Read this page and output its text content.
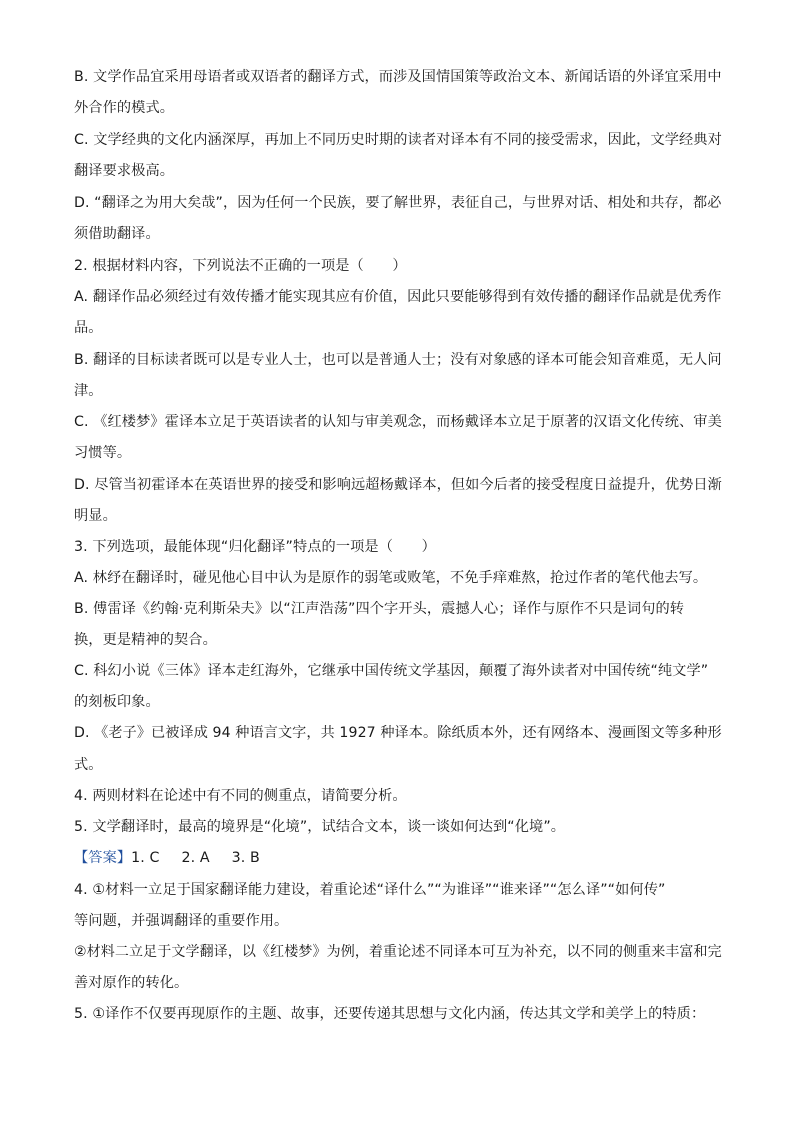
B. 文学作品宜采用母语者或双语者的翻译方式，而涉及国情国策等政治文本、新闻话语的外译宜采用中
外合作的模式。
C. 文学经典的文化内涵深厚，再加上不同历史时期的读者对译本有不同的接受需求，因此，文学经典对
翻译要求极高。
D. “翻译之为用大矣哉”，因为任何一个民族，要了解世界，表征自己，与世界对话、相处和共存，都必
须借助翻译。
2. 根据材料内容，下列说法不正确的一项是（　　）
A. 翻译作品必须经过有效传播才能实现其应有价值，因此只要能够得到有效传播的翻译作品就是优秀作
品。
B. 翻译的目标读者既可以是专业人士，也可以是普通人士；没有对象感的译本可能会知音难觅，无人问
津。
C. 《红楼梦》霍译本立足于英语读者的认知与审美观念，而杨戴译本立足于原著的汉语文化传统、审美
习惯等。
D. 尽管当初霍译本在英语世界的接受和影响远超杨戴译本，但如今后者的接受程度日益提升，优势日渐
明显。
3. 下列选项，最能体现“归化翻译”特点的一项是（　　）
A. 林纾在翻译时，碰见他心目中认为是原作的弱笔或败笔，不免手痒难熬，抢过作者的笔代他去写。
B. 傅雷译《约翰·克利斯朵夫》以“江声浩荡”四个字开头，震撼人心；译作与原作不只是词句的转
换，更是精神的契合。
C. 科幻小说《三体》译本走红海外，它继承中国传统文学基因，颠覆了海外读者对中国传统“纯文学”
的刻板印象。
D. 《老子》已被译成 94 种语言文字，共 1927 种译本。除纸质本外，还有网络本、漫画图文等多种形
式。
4. 两则材料在论述中有不同的侧重点，请简要分析。
5. 文学翻译时，最高的境界是“化境”，试结合文本，谈一谈如何达到“化境”。
【答案】1. C 2. A 3. B
4. ①材料一立足于国家翻译能力建设，着重论述“译什么”“为谁译”“谁来译”“怎么译”“如何传”
等问题，并强调翻译的重要作用。
②材料二立足于文学翻译，以《红楼梦》为例，着重论述不同译本可互为补充，以不同的侧重来丰富和完
善对原作的转化。
5. ①译作不仅要再现原作的主题、故事，还要传递其思想与文化内涵，传达其文学和美学上的特质：
